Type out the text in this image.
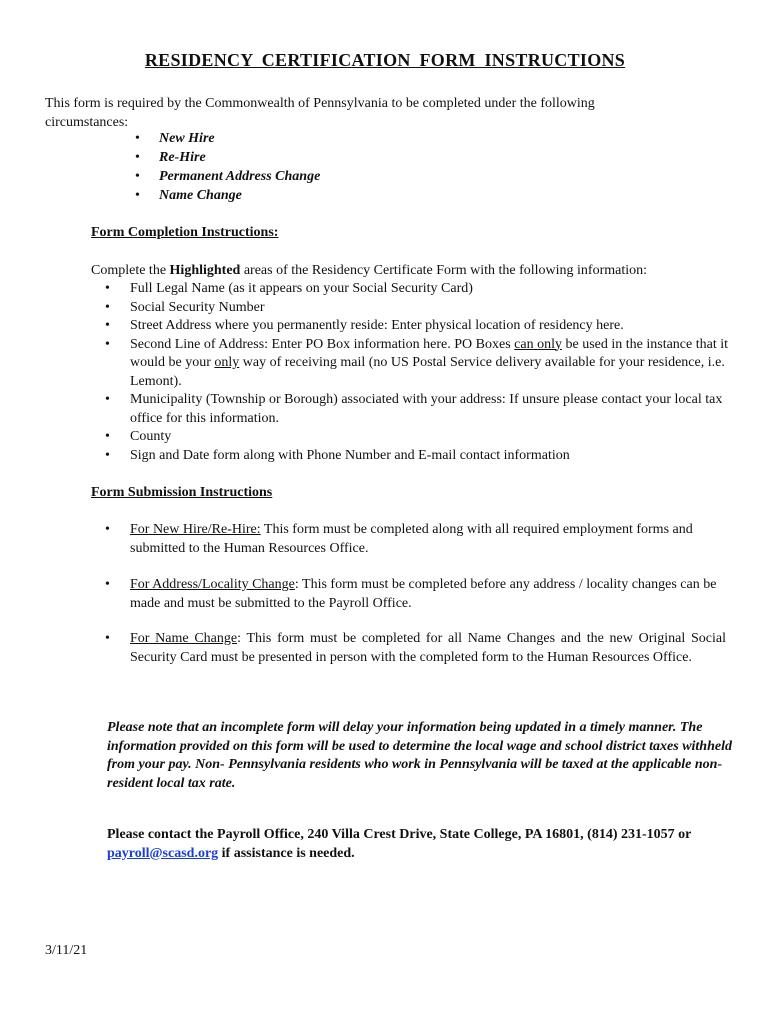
RESIDENCY CERTIFICATION FORM INSTRUCTIONS
This form is required by the Commonwealth of Pennsylvania to be completed under the following circumstances:
• New Hire
• Re-Hire
• Permanent Address Change
• Name Change
Form Completion Instructions:
Complete the Highlighted areas of the Residency Certificate Form with the following information:
• Full Legal Name (as it appears on your Social Security Card)
• Social Security Number
• Street Address where you permanently reside: Enter physical location of residency here.
• Second Line of Address: Enter PO Box information here. PO Boxes can only be used in the instance that it would be your only way of receiving mail (no US Postal Service delivery available for your residence, i.e. Lemont).
• Municipality (Township or Borough) associated with your address: If unsure please contact your local tax office for this information.
• County
• Sign and Date form along with Phone Number and E-mail contact information
Form Submission Instructions
• For New Hire/Re-Hire: This form must be completed along with all required employment forms and submitted to the Human Resources Office.
• For Address/Locality Change: This form must be completed before any address / locality changes can be made and must be submitted to the Payroll Office.
• For Name Change: This form must be completed for all Name Changes and the new Original Social Security Card must be presented in person with the completed form to the Human Resources Office.
Please note that an incomplete form will delay your information being updated in a timely manner. The information provided on this form will be used to determine the local wage and school district taxes withheld from your pay. Non- Pennsylvania residents who work in Pennsylvania will be taxed at the applicable non-resident local tax rate.
Please contact the Payroll Office, 240 Villa Crest Drive, State College, PA 16801, (814) 231-1057 or payroll@scasd.org if assistance is needed.
3/11/21
